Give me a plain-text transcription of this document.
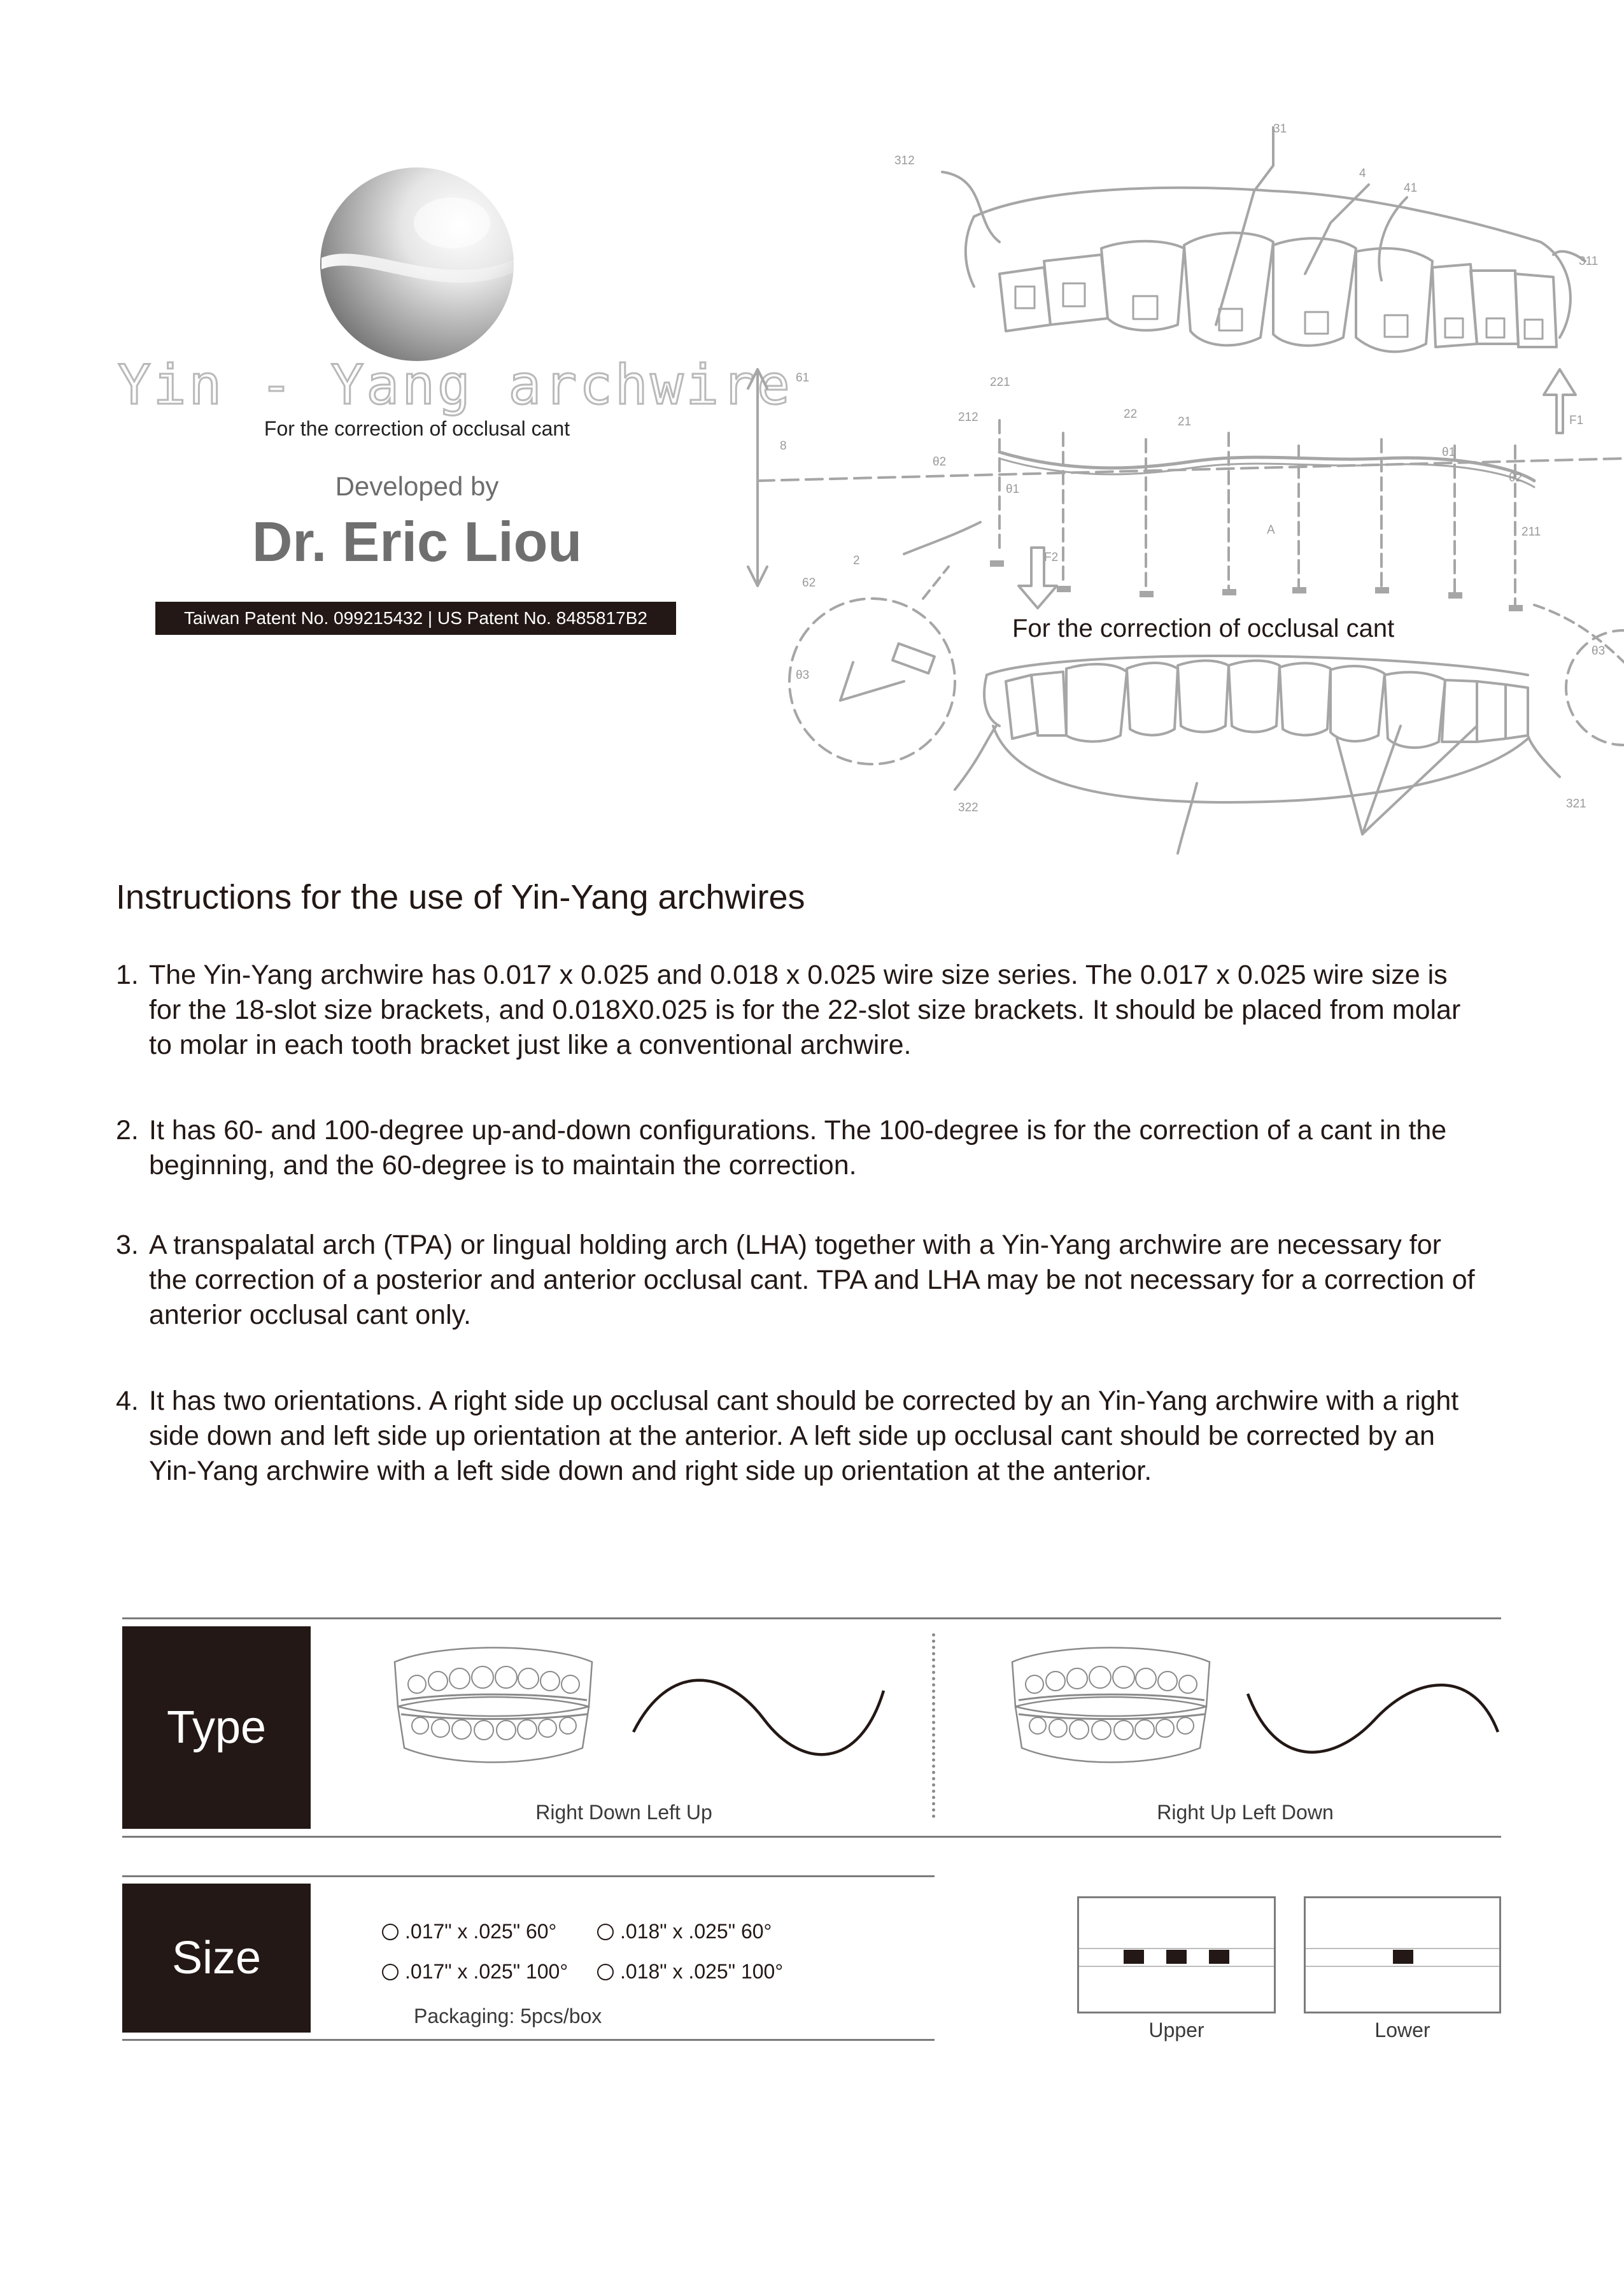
Yin - Yang archwire
For the correction of occlusal cant
Developed by
Dr. Eric Liou
Taiwan Patent No. 099215432 | US Patent No. 8485817B2
31
312
4
41
311
221
61
212	22
21
θ2
θ1
θ1
θ2
8
A	211
2	F2
F1
62
θ3
θ3
322	321
For the correction of occlusal cant
Instructions for the use of Yin-Yang archwires
1. The Yin-Yang archwire has 0.017 x 0.025 and 0.018 x 0.025 wire size series. The 0.017 x 0.025 wire size is for the 18-slot size brackets, and 0.018X0.025 is for the 22-slot size brackets. It should be placed from molar to molar in each tooth bracket just like a conventional archwire.
2. It has 60- and 100-degree up-and-down configurations. The 100-degree is for the correction of a cant in the beginning, and the 60-degree is to maintain the correction.
3. A transpalatal arch (TPA) or lingual holding arch (LHA) together with a Yin-Yang archwire are necessary for the correction of a posterior and anterior occlusal cant. TPA and LHA may be not necessary for a correction of anterior occlusal cant only.
4. It has two orientations. A right side up occlusal cant should be corrected by an Yin-Yang archwire with a right side down and left side up orientation at the anterior. A left side up occlusal cant should be corrected by an Yin-Yang archwire with a left side down and right side up orientation at the anterior.
Type
Right Down Left Up	Right Up Left Down
Size
.017" x .025" 60°	.018" x .025" 60°
.017" x .025" 100°	.018" x .025" 100°
Packaging: 5pcs/box
Upper	Lower
